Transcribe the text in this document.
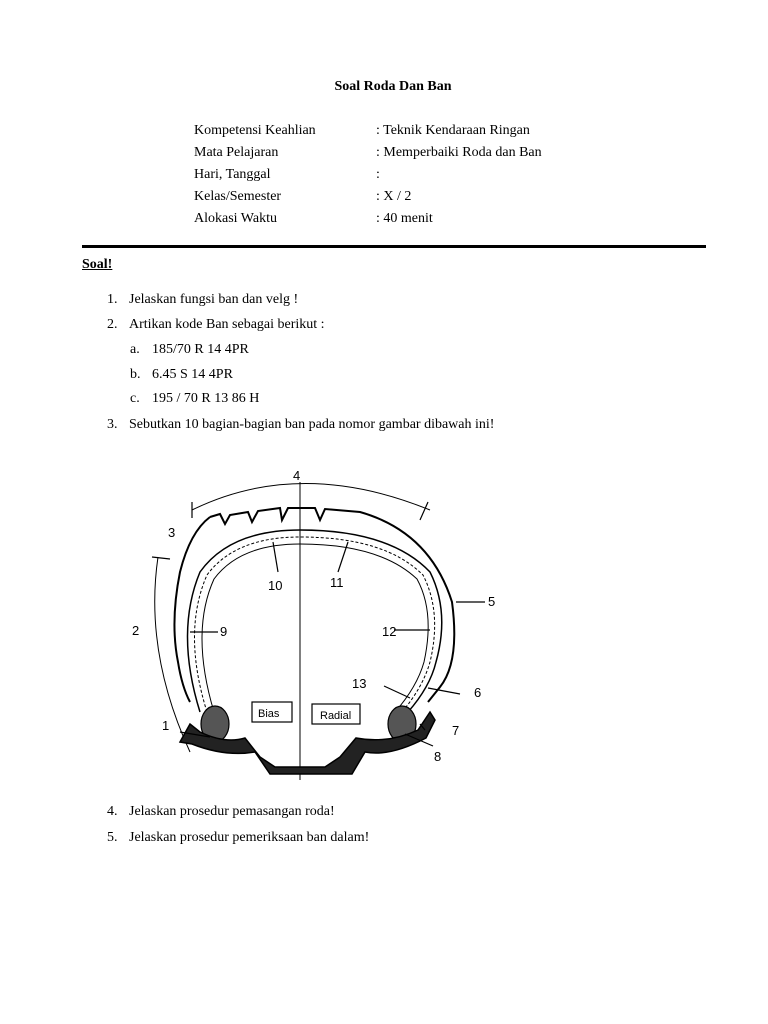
Soal Roda Dan Ban
Kompetensi Keahlian	: Teknik Kendaraan Ringan
Mata Pelajaran	: Memperbaiki Roda dan Ban
Hari, Tanggal	:
Kelas/Semester	: X / 2
Alokasi Waktu	: 40 menit
Soal!
1. Jelaskan fungsi ban dan velg !
2. Artikan kode Ban sebagai berikut :
a. 185/70 R 14 4PR
b. 6.45 S 14 4PR
c. 195 / 70 R 13 86 H
3. Sebutkan 10 bagian-bagian ban pada nomor gambar dibawah ini!
4
3
2
1
9
10	11
5
12
13
6
7
8
Bias	Radial
4. Jelaskan prosedur pemasangan roda!
5. Jelaskan prosedur pemeriksaan ban dalam!
